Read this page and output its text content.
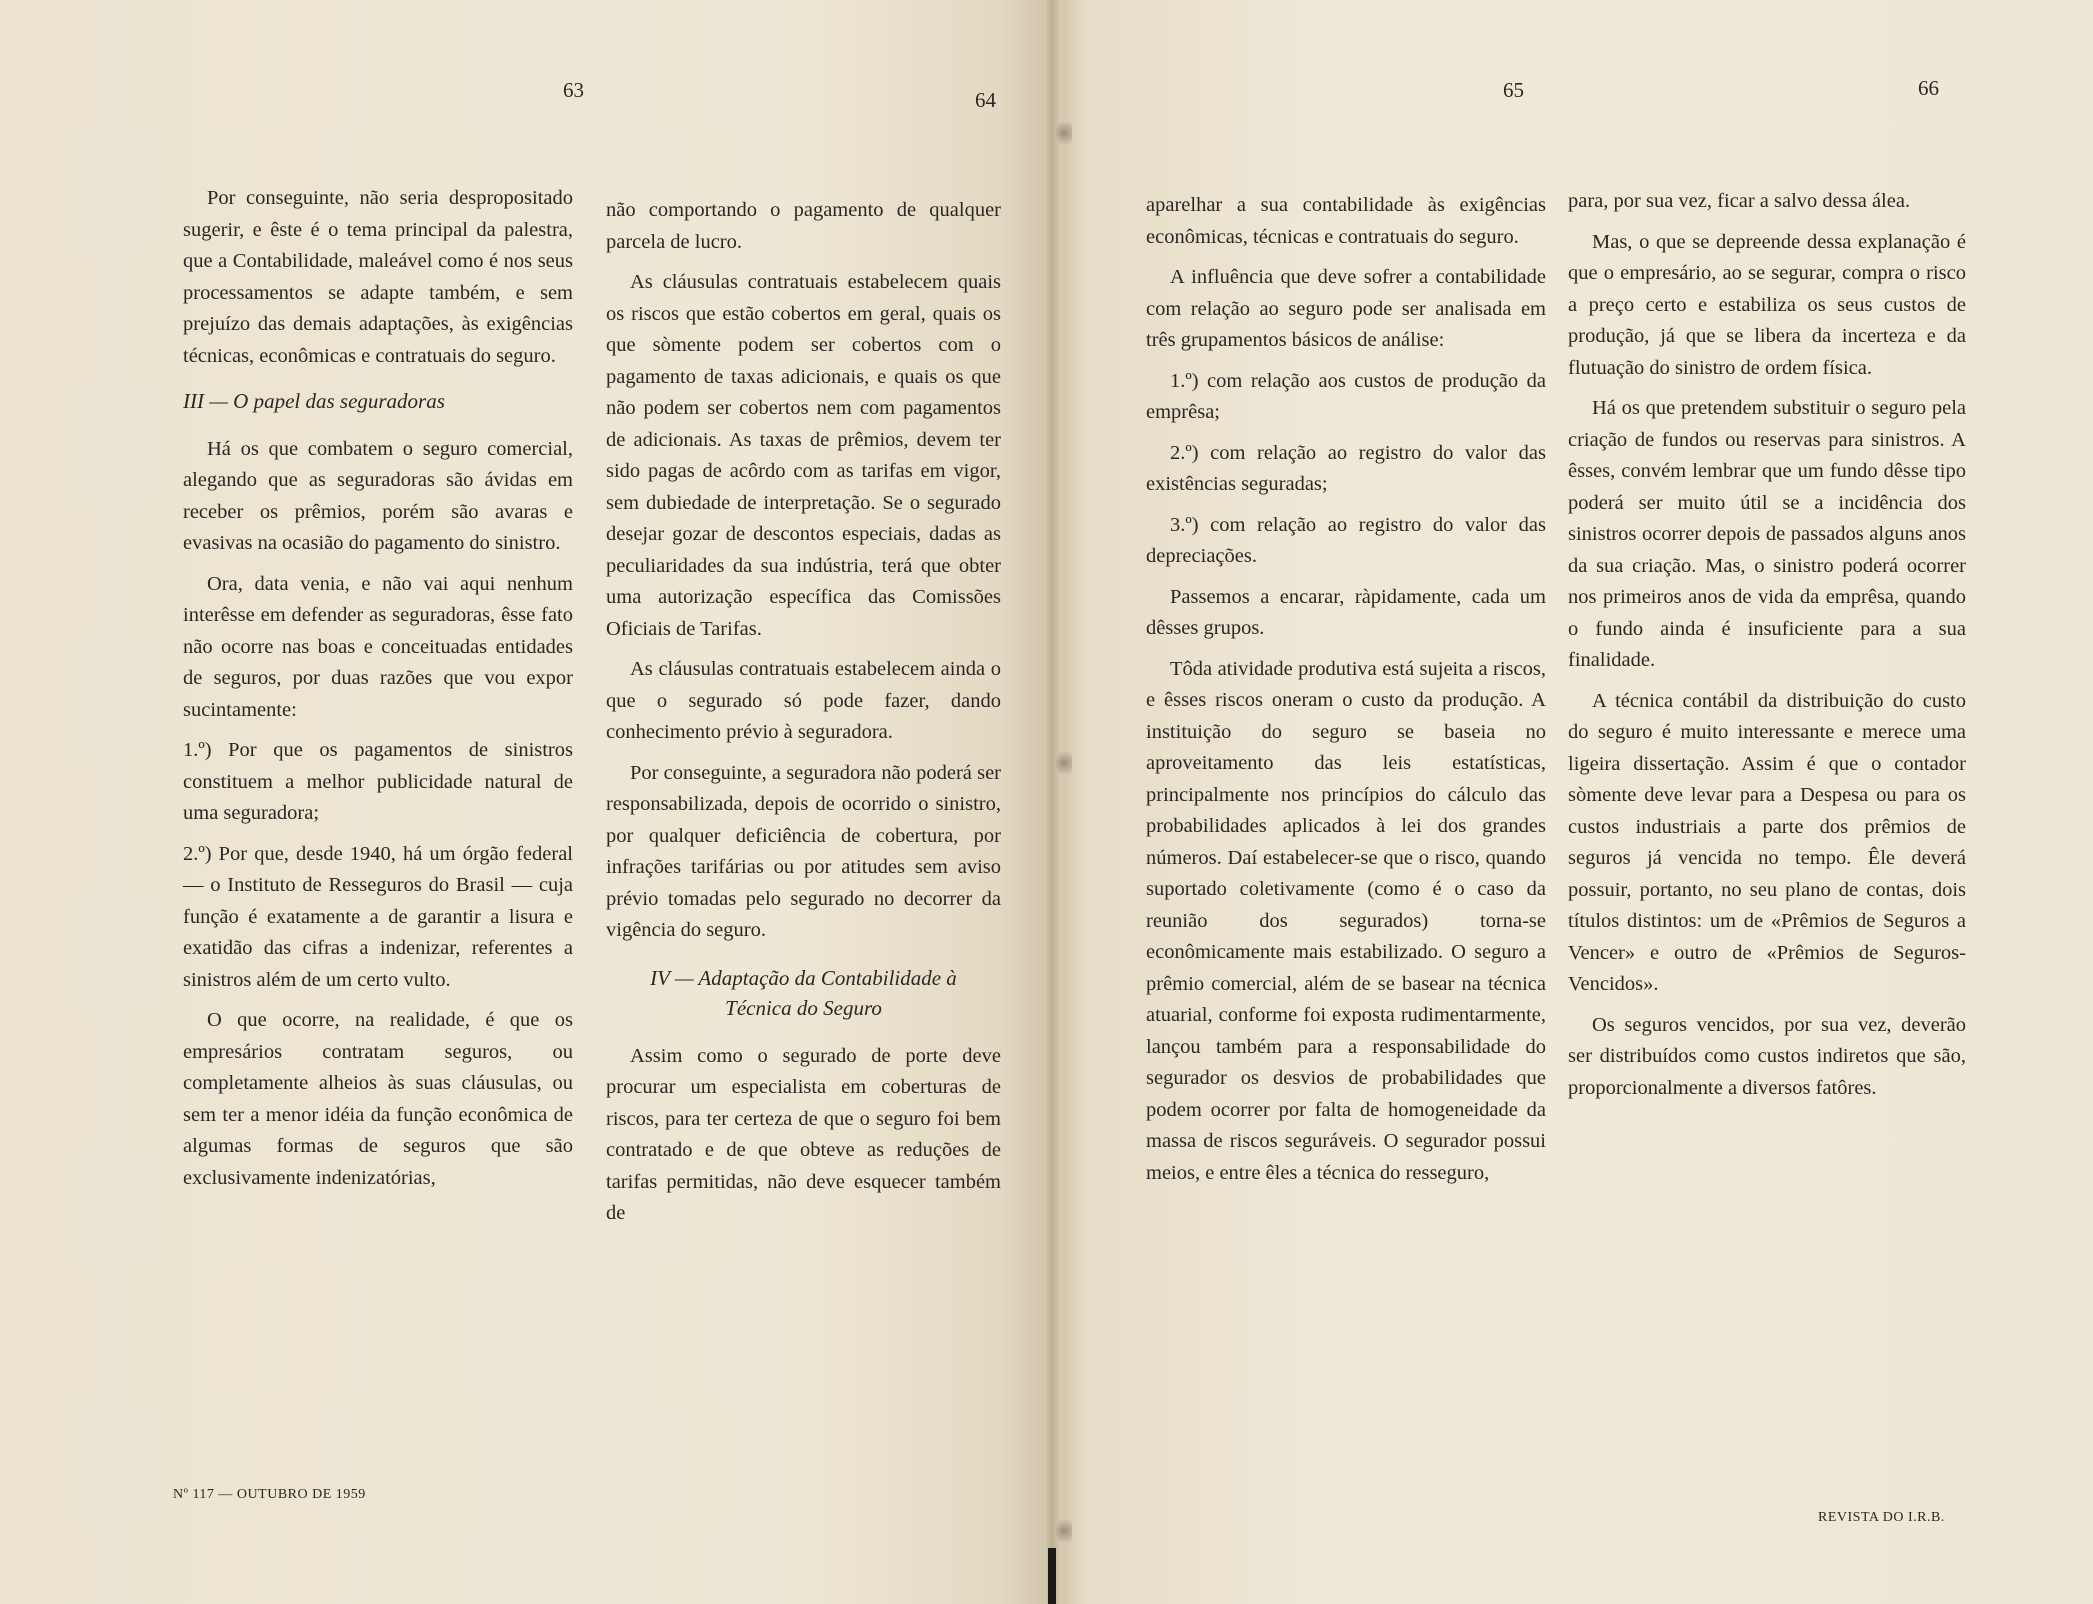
63	64	65	66

Por conseguinte, não seria despropositado sugerir, e êste é o tema principal da palestra, que a Contabilidade, maleável como é nos seus processamentos se adapte também, e sem prejuízo das demais adaptações, às exigências técnicas, econômicas e contratuais do seguro.

III — O papel das seguradoras

Há os que combatem o seguro comercial, alegando que as seguradoras são ávidas em receber os prêmios, porém são avaras e evasivas na ocasião do pagamento do sinistro.

Ora, data venia, e não vai aqui nenhum interêsse em defender as seguradoras, êsse fato não ocorre nas boas e conceituadas entidades de seguros, por duas razões que vou expor sucintamente:

1.º) Por que os pagamentos de sinistros constituem a melhor publicidade natural de uma seguradora;

2.º) Por que, desde 1940, há um órgão federal — o Instituto de Resseguros do Brasil — cuja função é exatamente a de garantir a lisura e exatidão das cifras a indenizar, referentes a sinistros além de um certo vulto.

O que ocorre, na realidade, é que os empresários contratam seguros, ou completamente alheios às suas cláusulas, ou sem ter a menor idéia da função econômica de algumas formas de seguros que são exclusivamente indenizatórias,

não comportando o pagamento de qualquer parcela de lucro.

As cláusulas contratuais estabelecem quais os riscos que estão cobertos em geral, quais os que sòmente podem ser cobertos com o pagamento de taxas adicionais, e quais os que não podem ser cobertos nem com pagamentos de adicionais. As taxas de prêmios, devem ter sido pagas de acôrdo com as tarifas em vigor, sem dubiedade de interpretação. Se o segurado desejar gozar de descontos especiais, dadas as peculiaridades da sua indústria, terá que obter uma autorização específica das Comissões Oficiais de Tarifas.

As cláusulas contratuais estabelecem ainda o que o segurado só pode fazer, dando conhecimento prévio à seguradora.

Por conseguinte, a seguradora não poderá ser responsabilizada, depois de ocorrido o sinistro, por qualquer deficiência de cobertura, por infrações tarifárias ou por atitudes sem aviso prévio tomadas pelo segurado no decorrer da vigência do seguro.

IV — Adaptação da Contabilidade à Técnica do Seguro

Assim como o segurado de porte deve procurar um especialista em coberturas de riscos, para ter certeza de que o seguro foi bem contratado e de que obteve as reduções de tarifas permitidas, não deve esquecer também de

aparelhar a sua contabilidade às exigências econômicas, técnicas e contratuais do seguro.

A influência que deve sofrer a contabilidade com relação ao seguro pode ser analisada em três grupamentos básicos de análise:

1.º) com relação aos custos de produção da emprêsa;

2.º) com relação ao registro do valor das existências seguradas;

3.º) com relação ao registro do valor das depreciações.

Passemos a encarar, ràpidamente, cada um dêsses grupos.

Tôda atividade produtiva está sujeita a riscos, e êsses riscos oneram o custo da produção. A instituição do seguro se baseia no aproveitamento das leis estatísticas, principalmente nos princípios do cálculo das probabilidades aplicados à lei dos grandes números. Daí estabelecer-se que o risco, quando suportado coletivamente (como é o caso da reunião dos segurados) torna-se econômicamente mais estabilizado. O seguro a prêmio comercial, além de se basear na técnica atuarial, conforme foi exposta rudimentarmente, lançou também para a responsabilidade do segurador os desvios de probabilidades que podem ocorrer por falta de homogeneidade da massa de riscos seguráveis. O segurador possui meios, e entre êles a técnica do resseguro,

para, por sua vez, ficar a salvo dessa álea.

Mas, o que se depreende dessa explanação é que o empresário, ao se segurar, compra o risco a preço certo e estabiliza os seus custos de produção, já que se libera da incerteza e da flutuação do sinistro de ordem física.

Há os que pretendem substituir o seguro pela criação de fundos ou reservas para sinistros. A êsses, convém lembrar que um fundo dêsse tipo poderá ser muito útil se a incidência dos sinistros ocorrer depois de passados alguns anos da sua criação. Mas, o sinistro poderá ocorrer nos primeiros anos de vida da emprêsa, quando o fundo ainda é insuficiente para a sua finalidade.

A técnica contábil da distribuição do custo do seguro é muito interessante e merece uma ligeira dissertação. Assim é que o contador sòmente deve levar para a Despesa ou para os custos industriais a parte dos prêmios de seguros já vencida no tempo. Êle deverá possuir, portanto, no seu plano de contas, dois títulos distintos: um de «Prêmios de Seguros a Vencer» e outro de «Prêmios de Seguros-Vencidos».

Os seguros vencidos, por sua vez, deverão ser distribuídos como custos indiretos que são, proporcionalmente a diversos fatôres.

Nº 117 — OUTUBRO DE 1959
REVISTA DO I.R.B.
